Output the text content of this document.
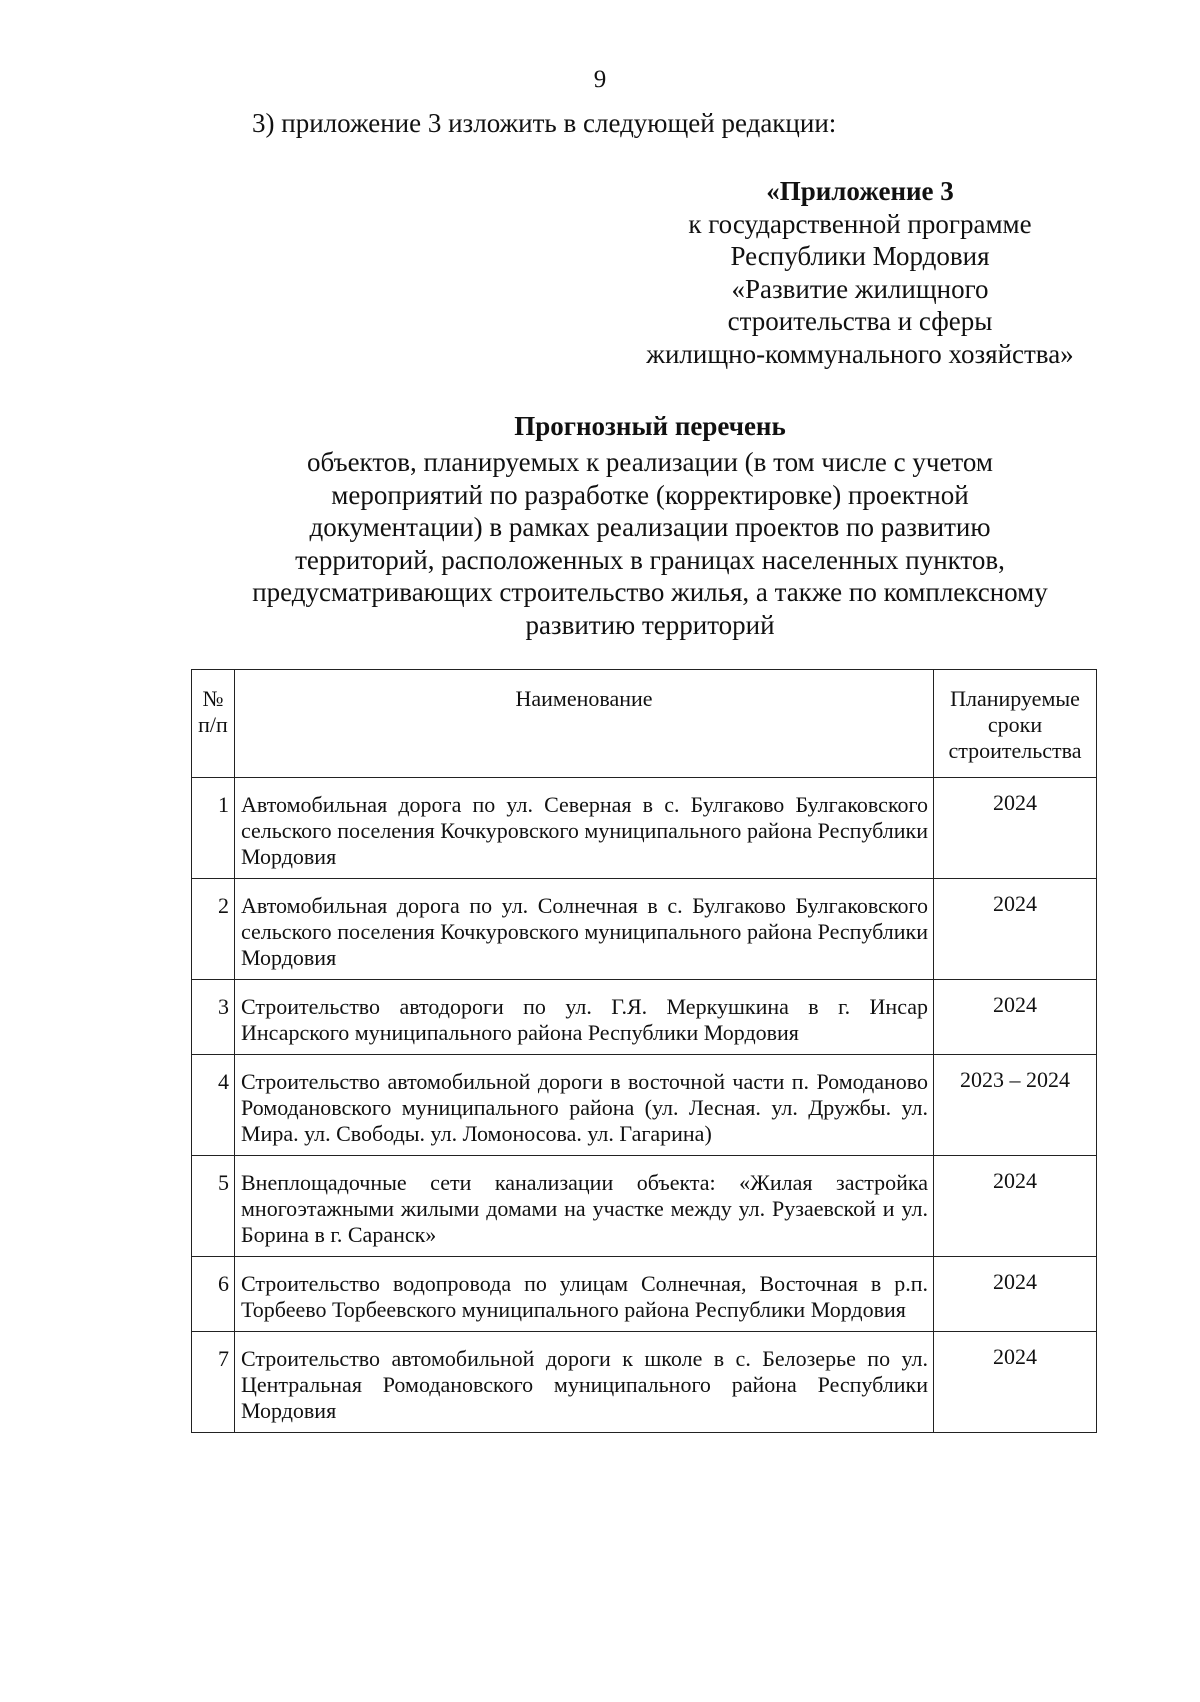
9
3) приложение 3 изложить в следующей редакции:
«Приложение 3
к государственной программе
Республики Мордовия
«Развитие жилищного
строительства и сферы
жилищно-коммунального хозяйства»
Прогнозный перечень
объектов, планируемых к реализации (в том числе с учетом
мероприятий по разработке (корректировке) проектной
документации) в рамках реализации проектов по развитию
территорий, расположенных в границах населенных пунктов,
предусматривающих строительство жилья, а также по комплексному
развитию территорий
№ п/п	Наименование	Планируемые сроки строительства

1	Автомобильная дорога по ул. Северная в с. Булгаково Булгаковского сельского поселения Кочкуровского муниципального района Республики Мордовия	2024

2	Автомобильная дорога по ул. Солнечная в с. Булгаково Булгаковского сельского поселения Кочкуровского муниципального района Республики Мордовия	2024

3	Строительство автодороги по ул. Г.Я. Меркушкина в г. Инсар Инсарского муниципального района Республики Мордовия	2024

4	Строительство автомобильной дороги в восточной части п. Ромоданово Ромодановского муниципального района (ул. Лесная. ул. Дружбы. ул. Мира. ул. Свободы. ул. Ломоносова. ул. Гагарина)	2023 – 2024

5	Внеплощадочные сети канализации объекта: «Жилая застройка многоэтажными жилыми домами на участке между ул. Рузаевской и ул. Борина в г. Саранск»	2024

6	Строительство водопровода по улицам Солнечная, Восточная в р.п. Торбеево Торбеевского муниципального района Республики Мордовия	2024

7	Строительство автомобильной дороги к школе в с. Белозерье по ул. Центральная Ромодановского муниципального района Республики Мордовия	2024
